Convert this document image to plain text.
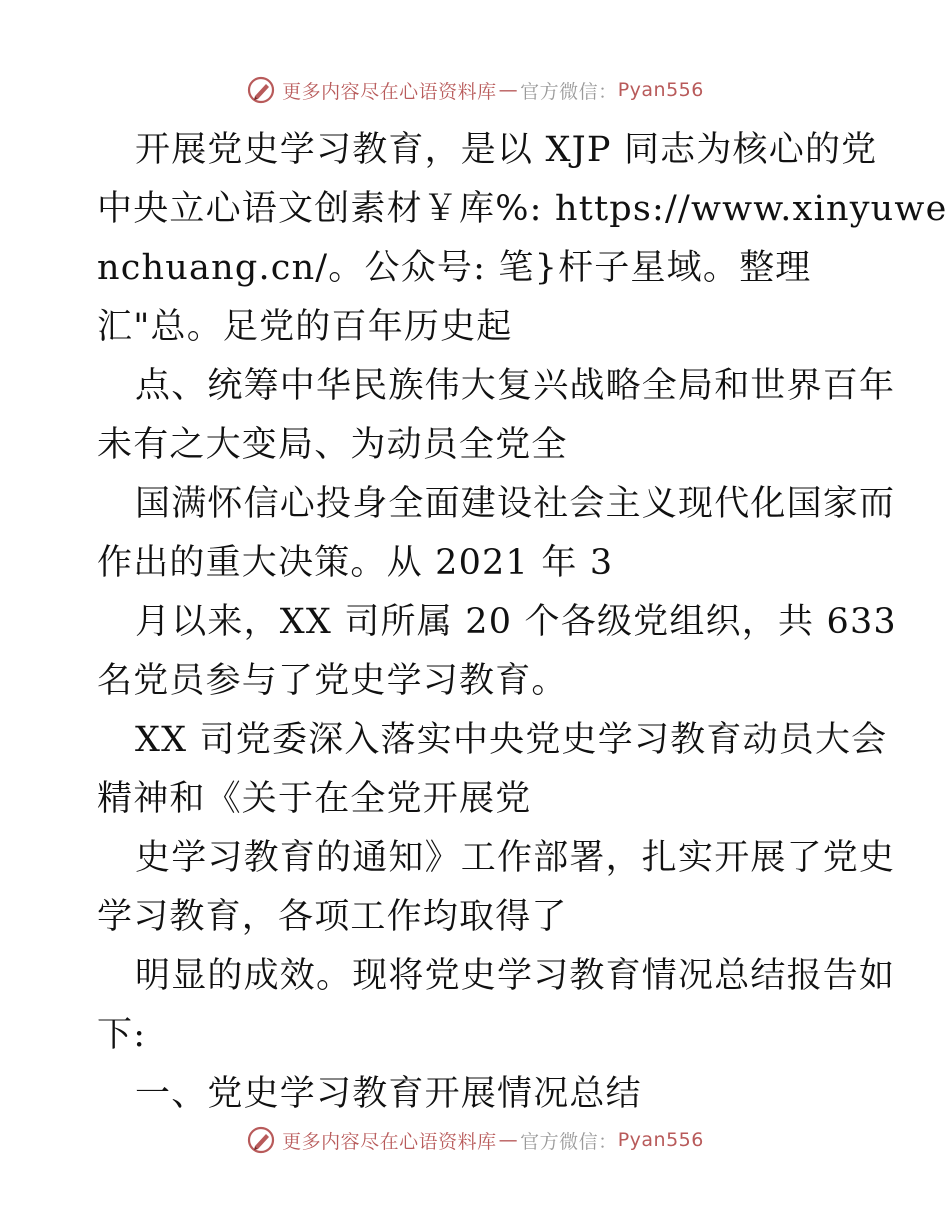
更多内容尽在心语资料库 — 官方微信： Pyan556
开展党史学习教育，是以 XJP 同志为核心的党
中央立心语文创素材￥库%: https://www.xinyuwe
nchuang.cn/。公众号: 笔}杆子星域。整理
汇"总。足党的百年历史起
点、统筹中华民族伟大复兴战略全局和世界百年
未有之大变局、为动员全党全
国满怀信心投身全面建设社会主义现代化国家而
作出的重大决策。从 2021 年 3
月以来，XX 司所属 20 个各级党组织，共 633
名党员参与了党史学习教育。
XX 司党委深入落实中央党史学习教育动员大会
精神和《关于在全党开展党
史学习教育的通知》工作部署，扎实开展了党史
学习教育，各项工作均取得了
明显的成效。现将党史学习教育情况总结报告如
下:
一、党史学习教育开展情况总结
更多内容尽在心语资料库 — 官方微信： Pyan556
